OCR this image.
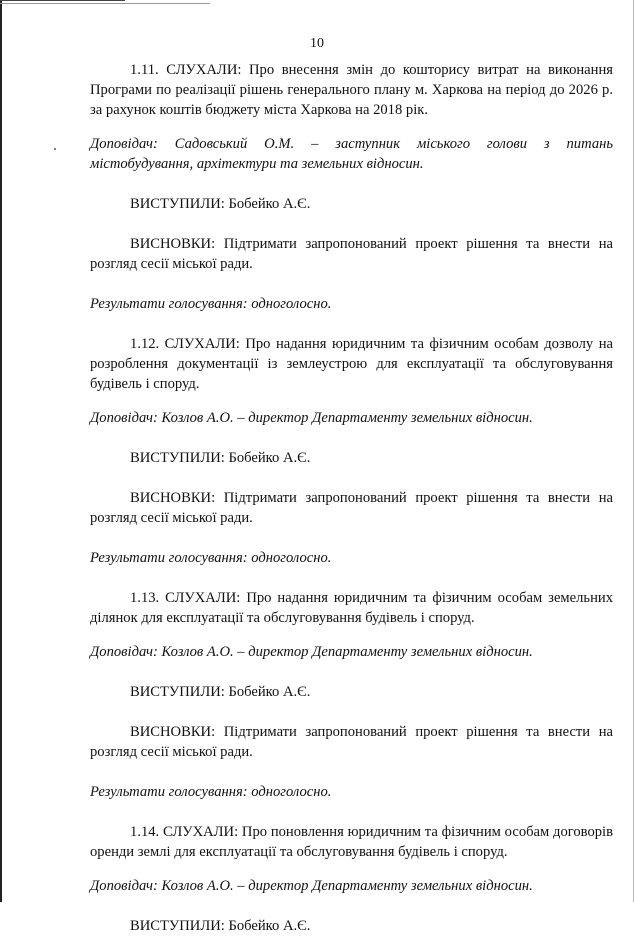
10

1.11. СЛУХАЛИ: Про внесення змін до кошторису витрат на виконання Програми по реалізації рішень генерального плану м. Харкова на період до 2026 р. за рахунок коштів бюджету міста Харкова на 2018 рік.

Доповідач: Садовський О.М. – заступник міського голови з питань містобудування, архітектури та земельних відносин.

ВИСТУПИЛИ: Бобейко А.Є.

ВИСНОВКИ: Підтримати запропонований проект рішення та внести на розгляд сесії міської ради.

Результати голосування: одноголосно.

1.12. СЛУХАЛИ: Про надання юридичним та фізичним особам дозволу на розроблення документації із землеустрою для експлуатації та обслуговування будівель і споруд.

Доповідач: Козлов А.О. – директор Департаменту земельних відносин.

ВИСТУПИЛИ: Бобейко А.Є.

ВИСНОВКИ: Підтримати запропонований проект рішення та внести на розгляд сесії міської ради.

Результати голосування: одноголосно.

1.13. СЛУХАЛИ: Про надання юридичним та фізичним особам земельних ділянок для експлуатації та обслуговування будівель і споруд.

Доповідач: Козлов А.О. – директор Департаменту земельних відносин.

ВИСТУПИЛИ: Бобейко А.Є.

ВИСНОВКИ: Підтримати запропонований проект рішення та внести на розгляд сесії міської ради.

Результати голосування: одноголосно.

1.14. СЛУХАЛИ: Про поновлення юридичним та фізичним особам договорів оренди землі для експлуатації та обслуговування будівель і споруд.

Доповідач: Козлов А.О. – директор Департаменту земельних відносин.

ВИСТУПИЛИ: Бобейко А.Є.
